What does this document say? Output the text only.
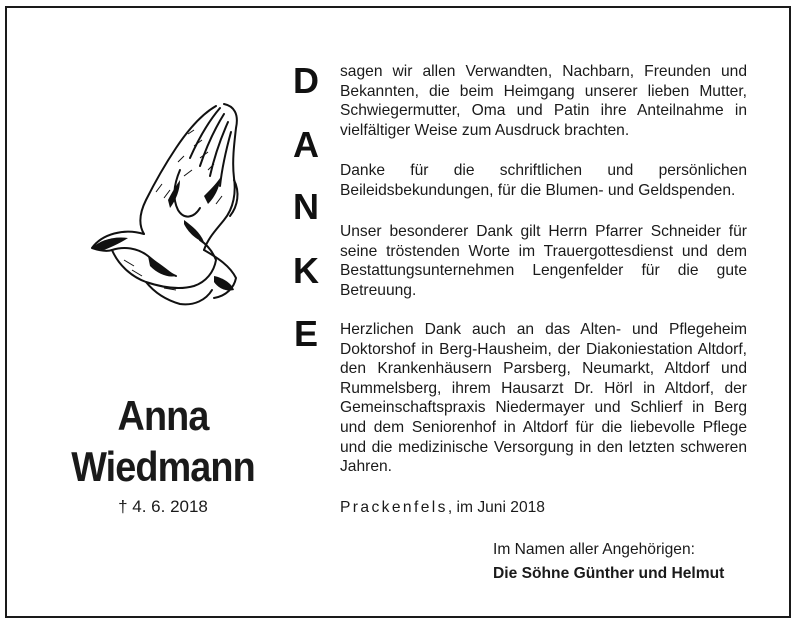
Anna
Wiedmann
† 4. 6. 2018
D
A
N
K
E
sagen wir allen Verwandten, Nachbarn, Freunden und Bekannten, die beim Heimgang unserer lieben Mutter, Schwiegermutter, Oma und Patin ihre Anteilnahme in vielfältiger Weise zum Ausdruck brachten.
Danke für die schriftlichen und persönlichen Beileidsbekundungen, für die Blumen- und Geldspenden.
Unser besonderer Dank gilt Herrn Pfarrer Schneider für seine tröstenden Worte im Trauergottesdienst und dem Bestattungsunternehmen Lengenfelder für die gute Betreuung.
Herzlichen Dank auch an das Alten- und Pflegeheim Doktorshof in Berg-Hausheim, der Diakoniestation Altdorf, den Krankenhäusern Parsberg, Neumarkt, Altdorf und Rummelsberg, ihrem Hausarzt Dr. Hörl in Altdorf, der Gemeinschaftspraxis Niedermayer und Schlierf in Berg und dem Seniorenhof in Altdorf für die liebevolle Pflege und die medizinische Versorgung in den letzten schweren Jahren.
Prackenfels, im Juni 2018
Im Namen aller Angehörigen:
Die Söhne Günther und Helmut
